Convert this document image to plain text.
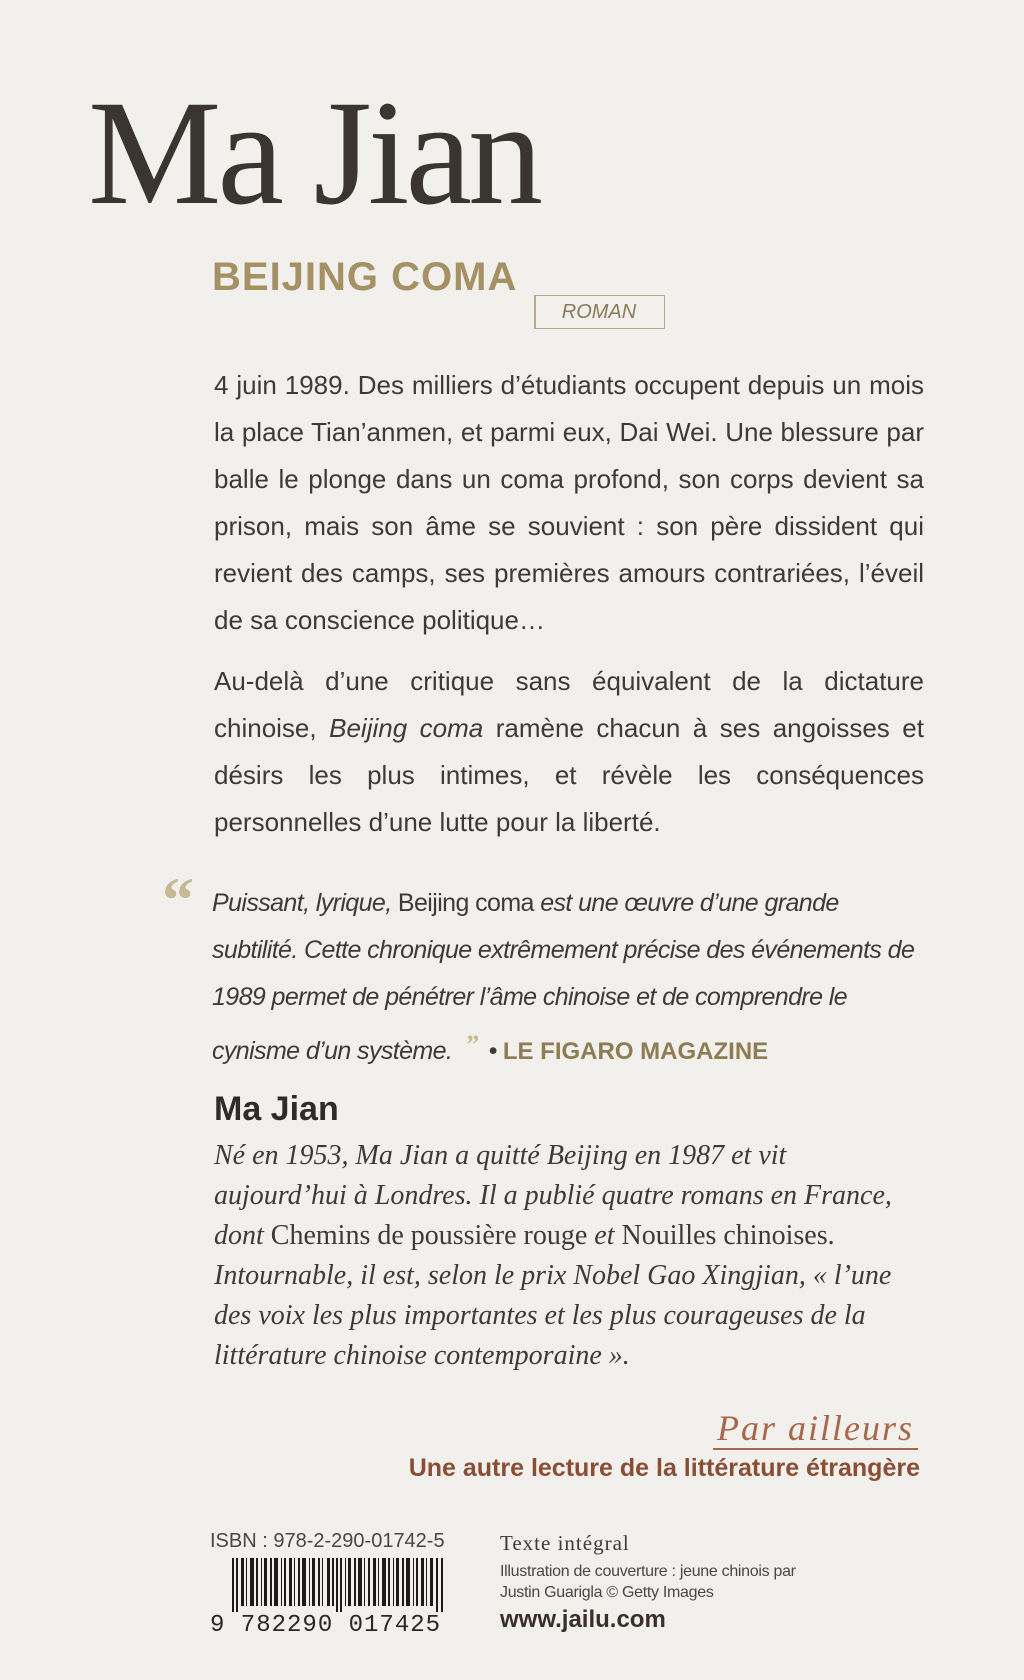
Ma Jian
BEIJING COMA
ROMAN

4 juin 1989. Des milliers d’étudiants occupent depuis un mois la place Tian’anmen, et parmi eux, Dai Wei. Une blessure par balle le plonge dans un coma profond, son corps devient sa prison, mais son âme se souvient : son père dissident qui revient des camps, ses premières amours contrariées, l’éveil de sa conscience politique…

Au-delà d’une critique sans équivalent de la dictature chinoise, Beijing coma ramène chacun à ses angoisses et désirs les plus intimes, et révèle les conséquences personnelles d’une lutte pour la liberté.

“ Puissant, lyrique, Beijing coma est une œuvre d’une grande subtilité. Cette chronique extrêmement précise des événements de 1989 permet de pénétrer l’âme chinoise et de comprendre le cynisme d’un système. ” • LE FIGARO MAGAZINE

Ma Jian

Né en 1953, Ma Jian a quitté Beijing en 1987 et vit aujourd’hui à Londres. Il a publié quatre romans en France, dont Chemins de poussière rouge et Nouilles chinoises. Intournable, il est, selon le prix Nobel Gao Xingjian, « l’une des voix les plus importantes et les plus courageuses de la littérature chinoise contemporaine ».

Par ailleurs

Une autre lecture de la littérature étrangère

ISBN : 978-2-290-01742-5
9 782290 017425
Texte intégral
Illustration de couverture : jeune chinois par Justin Guarigla © Getty Images
www.jailu.com
